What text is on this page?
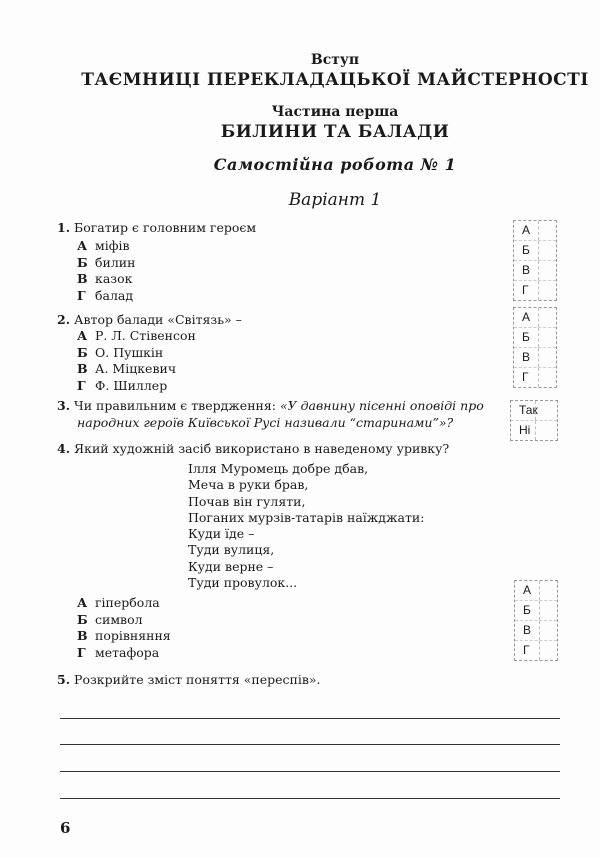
Вступ
ТАЄМНИЦІ ПЕРЕКЛАДАЦЬКОЇ МАЙСТЕРНОСТІ
Частина перша
БИЛИНИ ТА БАЛАДИ
Самостійна робота № 1
Варіант 1
1. Богатир є головним героєм	А
Б
В
Г
2. Автор балади «Світязь» –	А
Б
В
Г
3. Чи правильним є твердження: «У давнину пісенні оповіді про
народних героїв Київської Русі називали “старинами”»?
Так
Ні
4. Який художній засіб використано в наведеному уривку?
Ілля Муромець добре дбав,
Меча в руки брав,
Почав він гуляти,
Поганих мурзів-татарів наїжджати:
Куди їде –
Туди вулиця,
Куди верне –
Туди провулок...	А
Б
В
Г
5. Розкрийте зміст поняття «переспів».
6
А міфів
Б билин
В казок
Г балад
А Р. Л. Стівенсон
Б О. Пушкін
В А. Міцкевич
Г Ф. Шиллер
А гіпербола
Б символ
В порівняння
Г метафора
